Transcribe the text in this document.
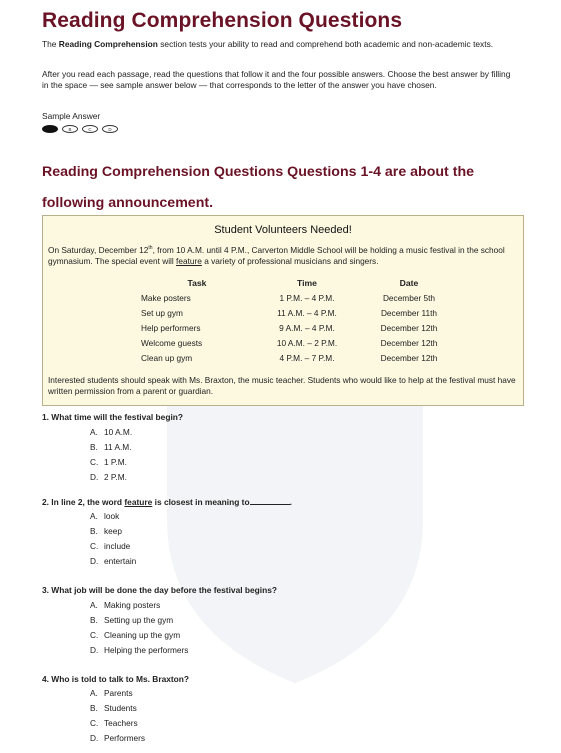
Reading Comprehension Questions

The Reading Comprehension section tests your ability to read and comprehend both academic and non-academic texts.

After you read each passage, read the questions that follow it and the four possible answers. Choose the best answer by filling in the space — see sample answer below — that corresponds to the letter of the answer you have chosen.

Sample Answer
B	C	D
Reading Comprehension Questions Questions 1-4 are about the following announcement.
Student Volunteers Needed!

On Saturday, December 12th, from 10 A.M. until 4 P.M., Carverton Middle School will be holding a music festival in the school gymnasium. The special event will feature a variety of professional musicians and singers.

Task	Time	Date
Make posters	1 P.M. – 4 P.M.	December 5th
Set up gym	11 A.M. – 4 P.M.	December 11th
Help performers	9 A.M. – 4 P.M.	December 12th
Welcome guests	10 A.M. – 2 P.M.	December 12th
Clean up gym	4 P.M. – 7 P.M.	December 12th

Interested students should speak with Ms. Braxton, the music teacher. Students who would like to help at the festival must have written permission from a parent or guardian.

1. What time will the festival begin?
A. 10 A.M.
B. 11 A.M.
C. 1 P.M.
D. 2 P.M.
2. In line 2, the word feature is closest in meaning to	.
A. look
B. keep
C. include
D. entertain
3. What job will be done the day before the festival begins?
A. Making posters
B. Setting up the gym
C. Cleaning up the gym
D. Helping the performers
4. Who is told to talk to Ms. Braxton?
A. Parents
B. Students
C. Teachers
D. Performers
